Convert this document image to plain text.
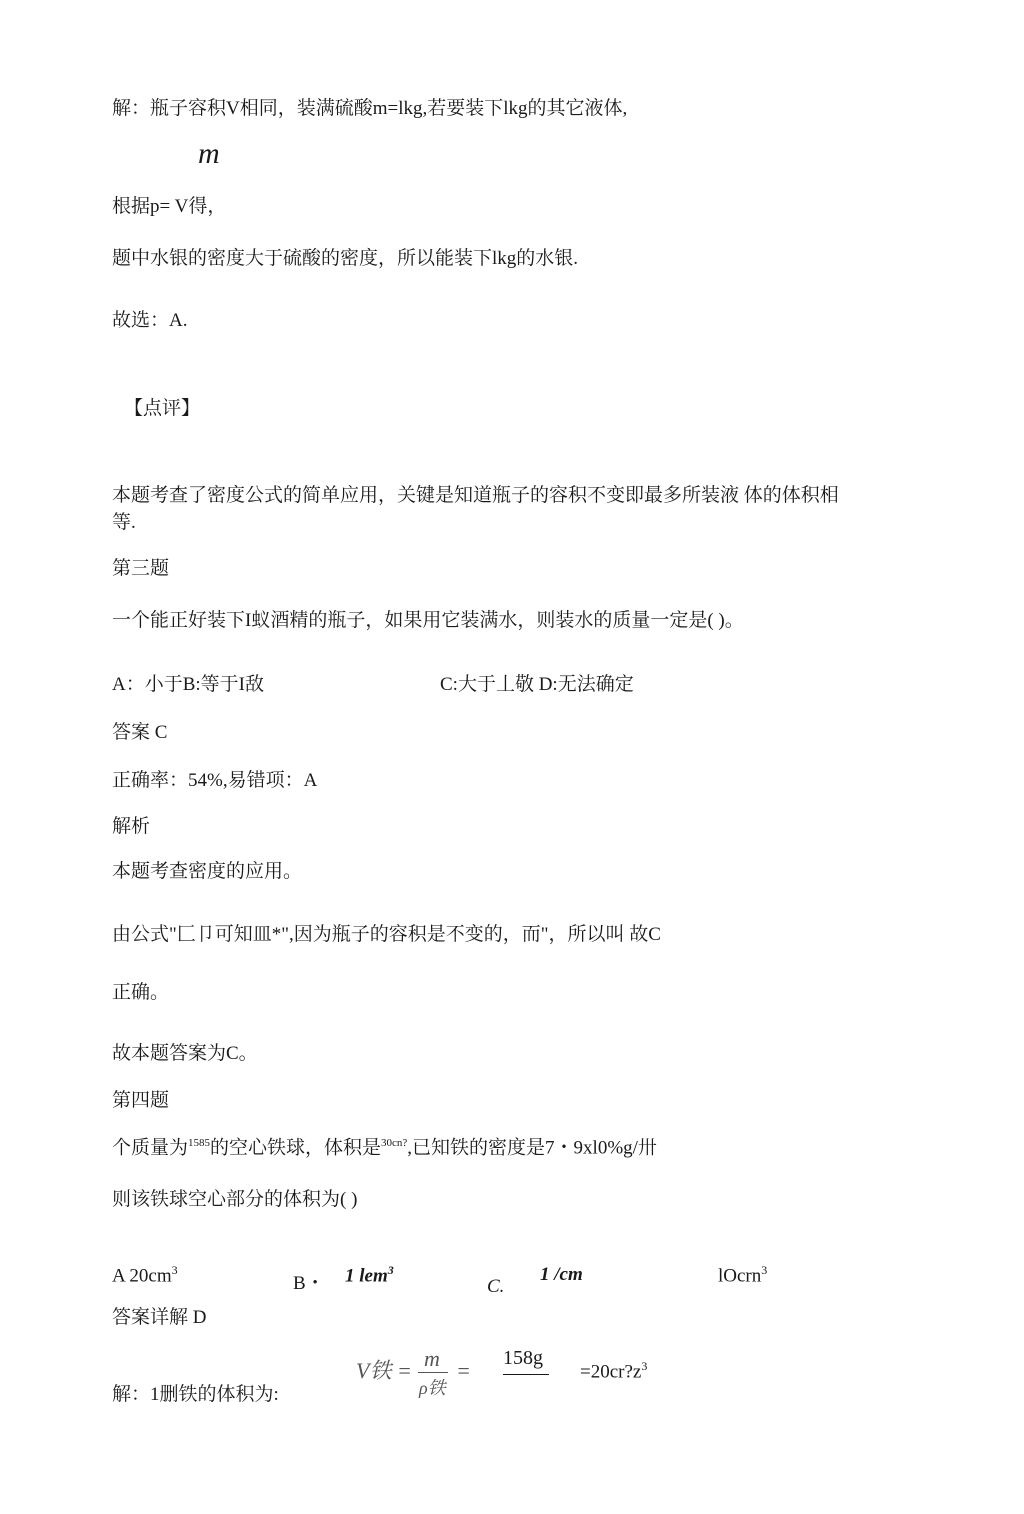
解：瓶子容积V相同，装满硫酸m=lkg,若要装下lkg的其它液体,
m
根据p= V得，
题中水银的密度大于硫酸的密度，所以能装下lkg的水银.
故选：A.
【点评】
本题考查了密度公式的简单应用，关键是知道瓶子的容积不变即最多所装液 体的体积相
等.
第三题
一个能正好装下I蚁酒精的瓶子，如果用它装满水，则装水的质量一定是( )。
A：小于B:等于I敌	C:大于丄敬 D:无法确定
答案 C
正确率：54%,易错项：A
解析
本题考查密度的应用。
由公式"匚卩可知皿*",因为瓶子的容积是不变的，而"，所以叫 故C
正确。
故本题答案为C。
第四题
个质量为$^{1585}$的空心铁球，体积是$^{30cn?}$,已知铁的密度是7・9xl0%g/卅
则该铁球空心部分的体积为( )
A $20cm^3$
B・ 1 lem$^3$
C.
1 /cm	lOcrn$^3$
答案详解 D
解：1删铁的体积为:
V铁 = m
ρ铁
= 158g
$=20cr?z^3$
